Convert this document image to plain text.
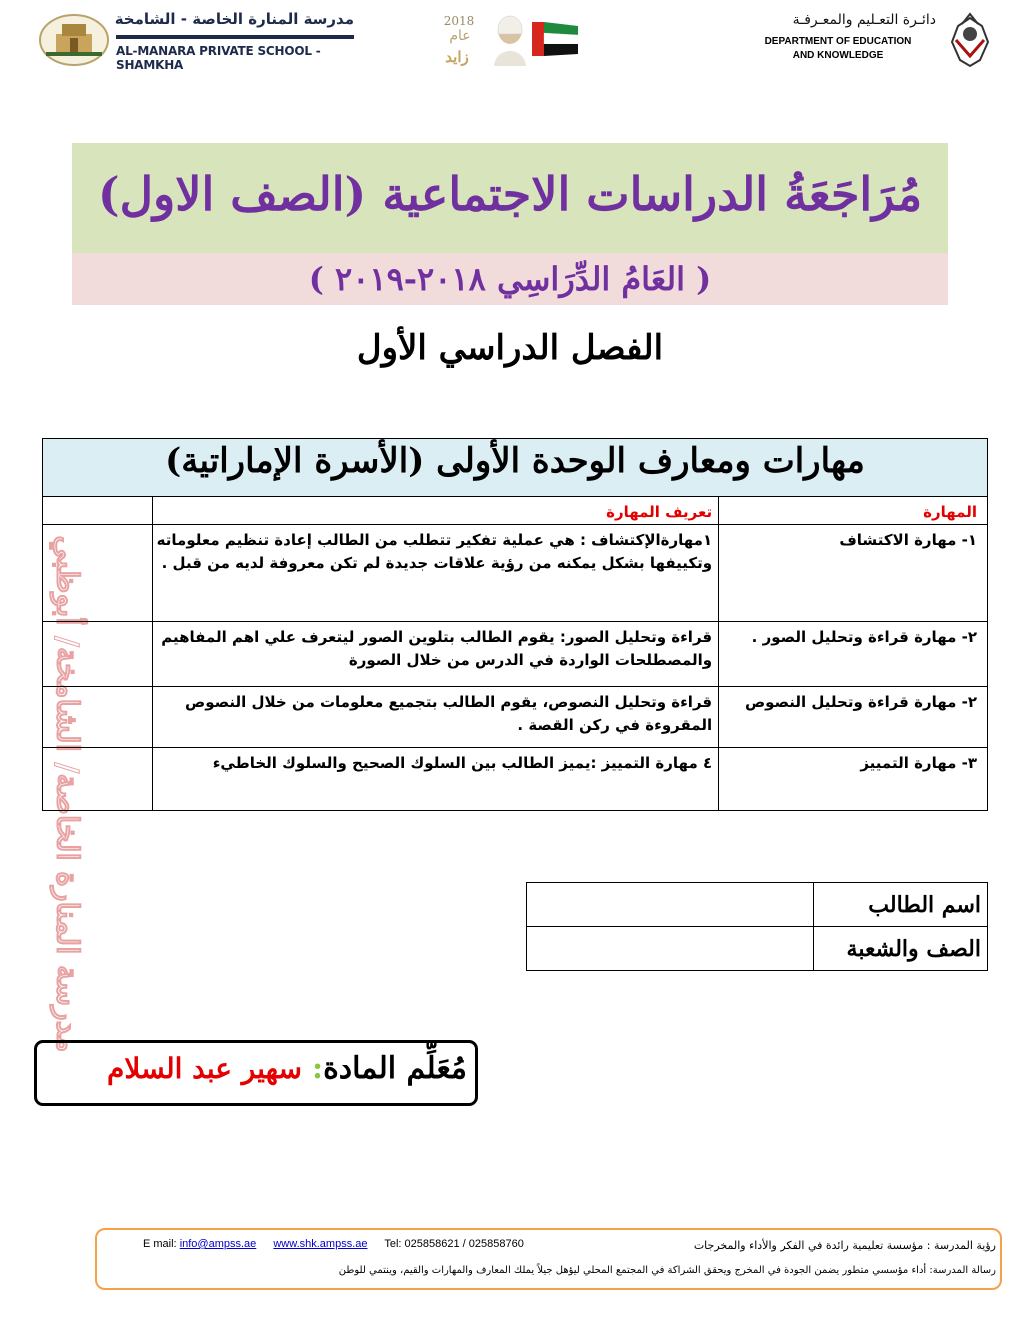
مدرسة المنارة الخاصة - الشامخة
AL-MANARA PRIVATE SCHOOL - SHAMKHA
2018
عام
زايد
دائـرة التعـليم والمعـرفـة
DEPARTMENT OF EDUCATION
AND KNOWLEDGE
مُرَاجَعَةُ الدراسات الاجتماعية (الصف الاول)
( العَامُ الدِّرَاسِي ٢٠١٨-٢٠١٩ )
الفصل الدراسي الأول
مدرسة المنارة الخاصة/ الشامخة/ أبوظبي
مهارات ومعارف الوحدة الأولى (الأسرة الإماراتية)		
المهارة	تعريف المهارة	
١- مهارة الاكتشاف	١مهارةالإكتشاف : هي عملية تفكير تتطلب من الطالب إعادة تنظيم معلوماته وتكييفها بشكل يمكنه من رؤية علاقات جديدة لم تكن معروفة لديه من قبل .	
٢- مهارة قراءة وتحليل الصور .	قراءة وتحليل الصور: يقوم الطالب بتلوين الصور ليتعرف علي اهم المفاهيم والمصطلحات الواردة في الدرس من خلال الصورة	
٢- مهارة قراءة وتحليل النصوص	قراءة وتحليل النصوص، يقوم الطالب بتجميع معلومات من خلال النصوص المقروءة في ركن القصة .	
٣- مهارة التمييز	٤ مهارة التمييز :يميز الطالب بين السلوك الصحيح والسلوك الخاطيء	
اسم الطالب	
الصف والشعبة	
مُعَلِّم المادة:سهير عبد السلام
رؤية المدرسة : مؤسسة تعليمية رائدة في الفكر والأداء والمخرجات
E mail: info@ampss.ae www.shk.ampss.ae Tel: 025858621 / 025858760
رسالة المدرسة: أداء مؤسسي متطور يضمن الجودة في المخرج ويحقق الشراكة في المجتمع المحلي ليؤهل جيلاً يملك المعارف والمهارات والقيم، وينتمي للوطن
